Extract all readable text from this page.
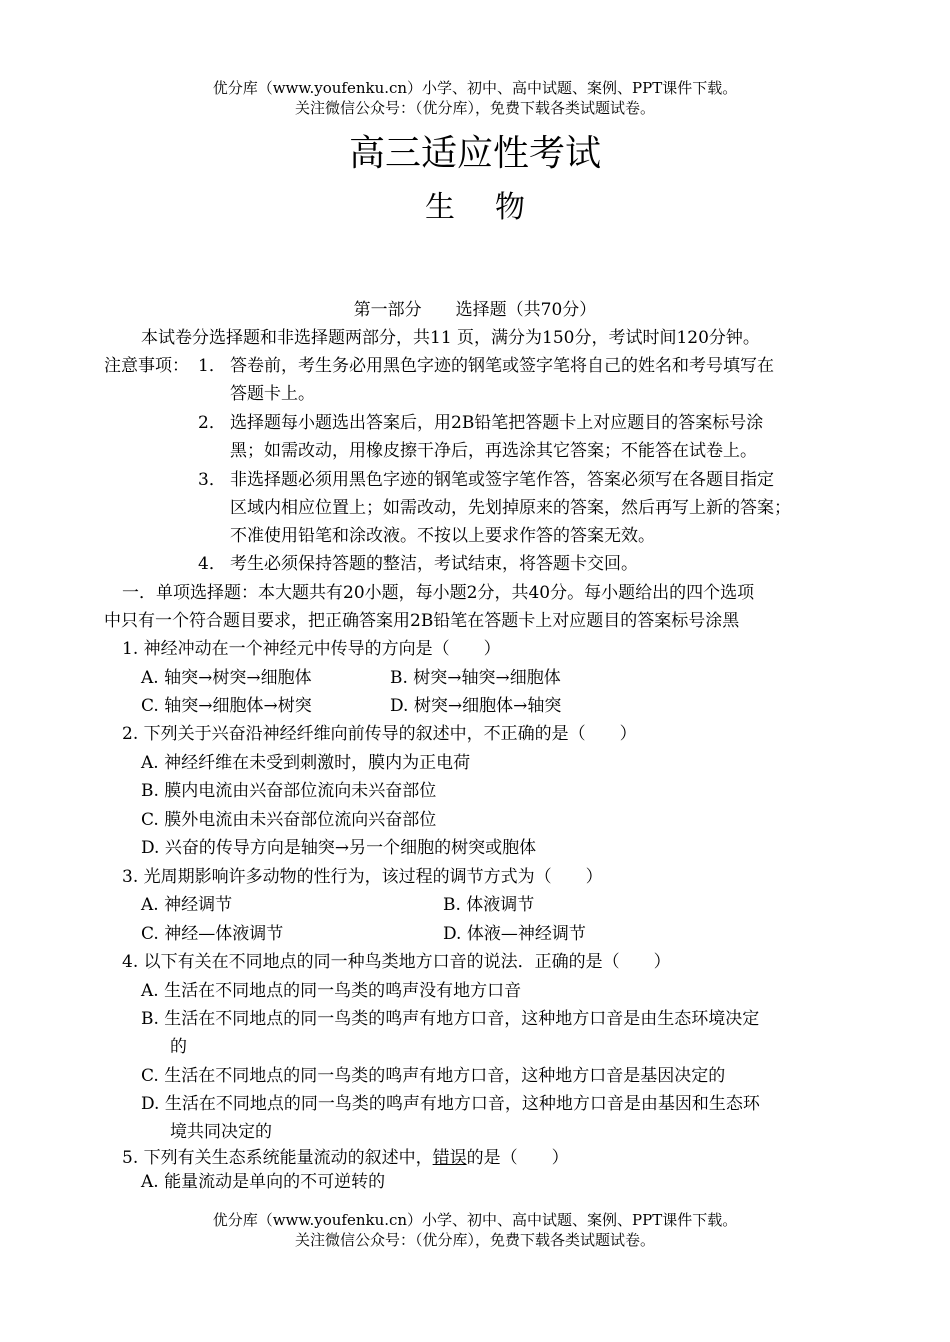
优分库（www.youfenku.cn）小学、初中、高中试题、案例、PPT课件下载。
关注微信公众号：（优分库），免费下载各类试题试卷。
高三适应性考试
生物
第一部分　　选择题（共70分）
本试卷分选择题和非选择题两部分，共11 页，满分为150分，考试时间120分钟。
注意事项： 1． 答卷前，考生务必用黑色字迹的钢笔或签字笔将自己的姓名和考号填写在
答题卡上。
2． 选择题每小题选出答案后，用2B铅笔把答题卡上对应题目的答案标号涂
黑；如需改动，用橡皮擦干净后，再选涂其它答案；不能答在试卷上。
3． 非选择题必须用黑色字迹的钢笔或签字笔作答，答案必须写在各题目指定
区域内相应位置上；如需改动，先划掉原来的答案，然后再写上新的答案；
不准使用铅笔和涂改液。不按以上要求作答的答案无效。
4． 考生必须保持答题的整洁，考试结束，将答题卡交回。
一．单项选择题：本大题共有20小题，每小题2分，共40分。每小题给出的四个选项
中只有一个符合题目要求，把正确答案用2B铅笔在答题卡上对应题目的答案标号涂黑
1. 神经冲动在一个神经元中传导的方向是（　　）
A. 轴突→树突→细胞体	B. 树突→轴突→细胞体
C. 轴突→细胞体→树突	D. 树突→细胞体→轴突
2. 下列关于兴奋沿神经纤维向前传导的叙述中，不正确的是（　　）
A. 神经纤维在未受到刺激时，膜内为正电荷
B. 膜内电流由兴奋部位流向未兴奋部位
C. 膜外电流由未兴奋部位流向兴奋部位
D. 兴奋的传导方向是轴突→另一个细胞的树突或胞体
3. 光周期影响许多动物的性行为，该过程的调节方式为（　　）
A. 神经调节	B. 体液调节
C. 神经—体液调节	D. 体液—神经调节
4. 以下有关在不同地点的同一种鸟类地方口音的说法．正确的是（　　）
A. 生活在不同地点的同一鸟类的鸣声没有地方口音
B. 生活在不同地点的同一鸟类的鸣声有地方口音，这种地方口音是由生态环境决定
的
C. 生活在不同地点的同一鸟类的鸣声有地方口音，这种地方口音是基因决定的
D. 生活在不同地点的同一鸟类的鸣声有地方口音，这种地方口音是由基因和生态环
境共同决定的
5. 下列有关生态系统能量流动的叙述中，错误的是（　　）
A. 能量流动是单向的不可逆转的
优分库（www.youfenku.cn）小学、初中、高中试题、案例、PPT课件下载。
关注微信公众号：（优分库），免费下载各类试题试卷。
